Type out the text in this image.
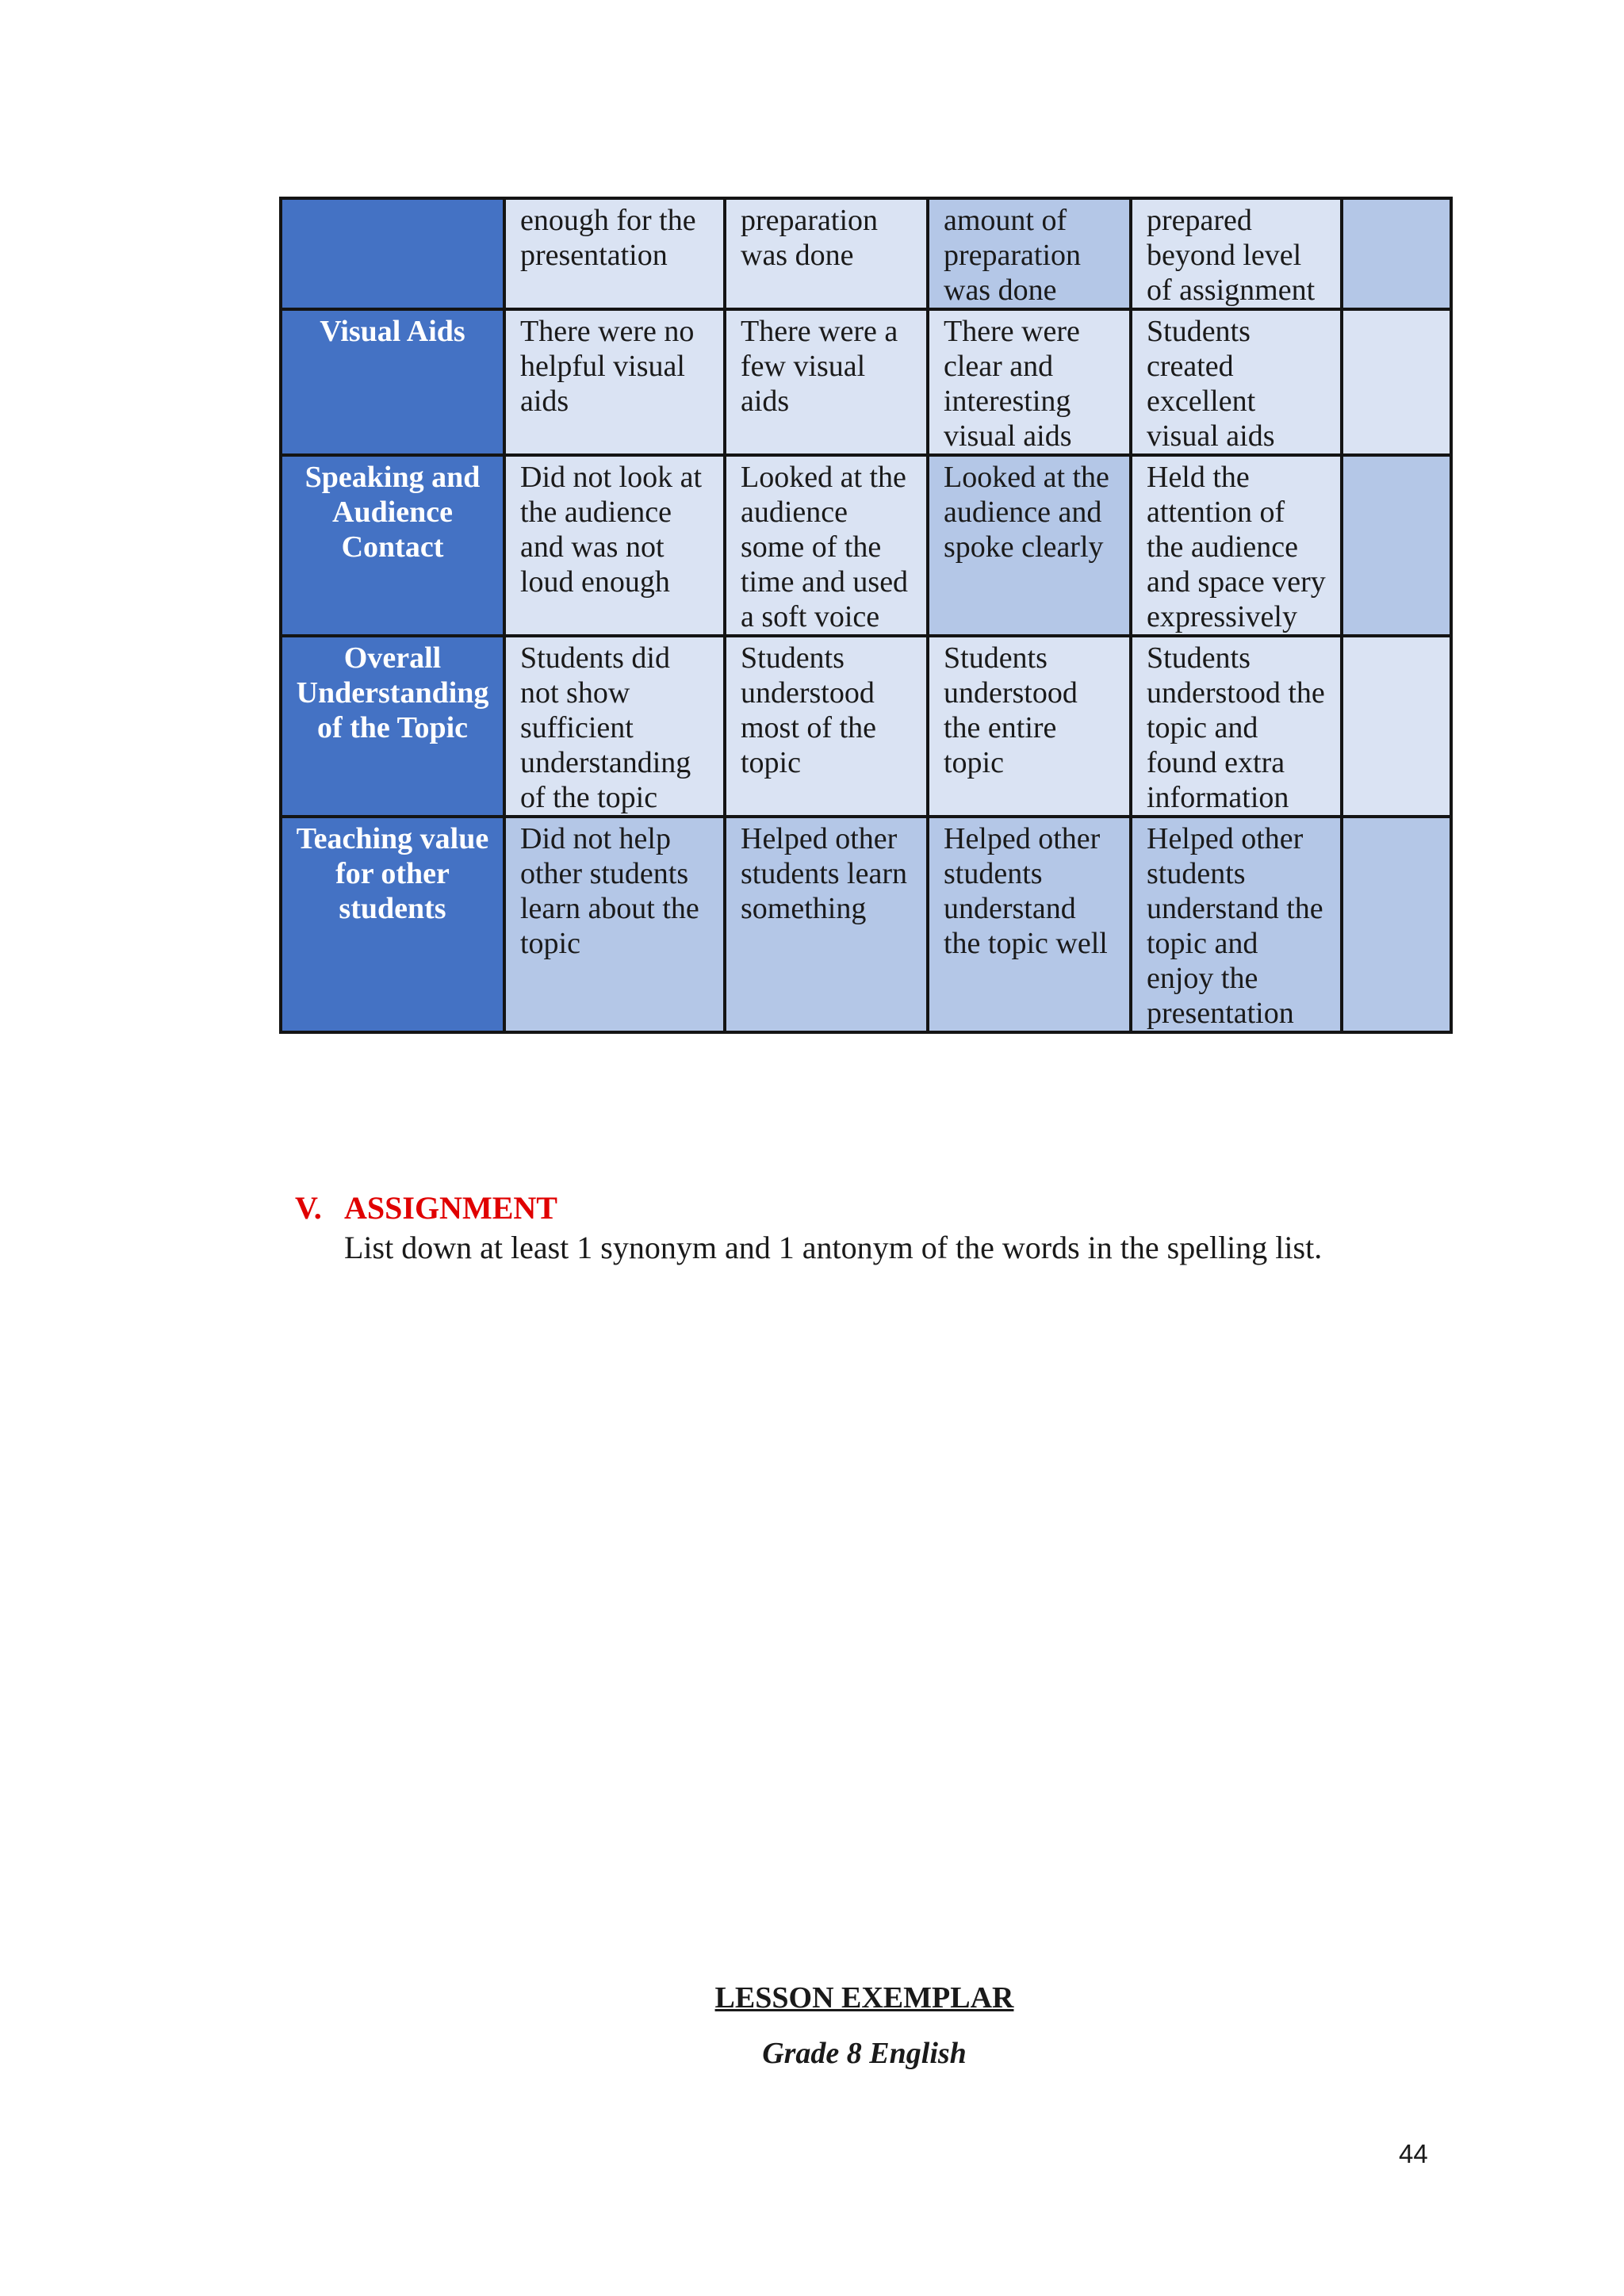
	enough for the presentation	preparation was done	amount of preparation was done	prepared beyond level of assignment	
Visual Aids	There were no helpful visual aids	There were a few visual aids	There were clear and interesting visual aids	Students created excellent visual aids	
Speaking and Audience Contact	Did not look at the audience and was not loud enough	Looked at the audience some of the time and used a soft voice	Looked at the audience and spoke clearly	Held the attention of the audience and space very expressively	
Overall Understanding of the Topic	Students did not show sufficient understanding of the topic	Students understood most of the topic	Students understood the entire topic	Students understood the topic and found extra information	
Teaching value for other students	Did not help other students learn about the topic	Helped other students learn something	Helped other students understand the topic well	Helped other students understand the topic and enjoy the presentation	
V. ASSIGNMENT
List down at least 1 synonym and 1 antonym of the words in the spelling list.
LESSON EXEMPLAR
Grade 8 English
44
